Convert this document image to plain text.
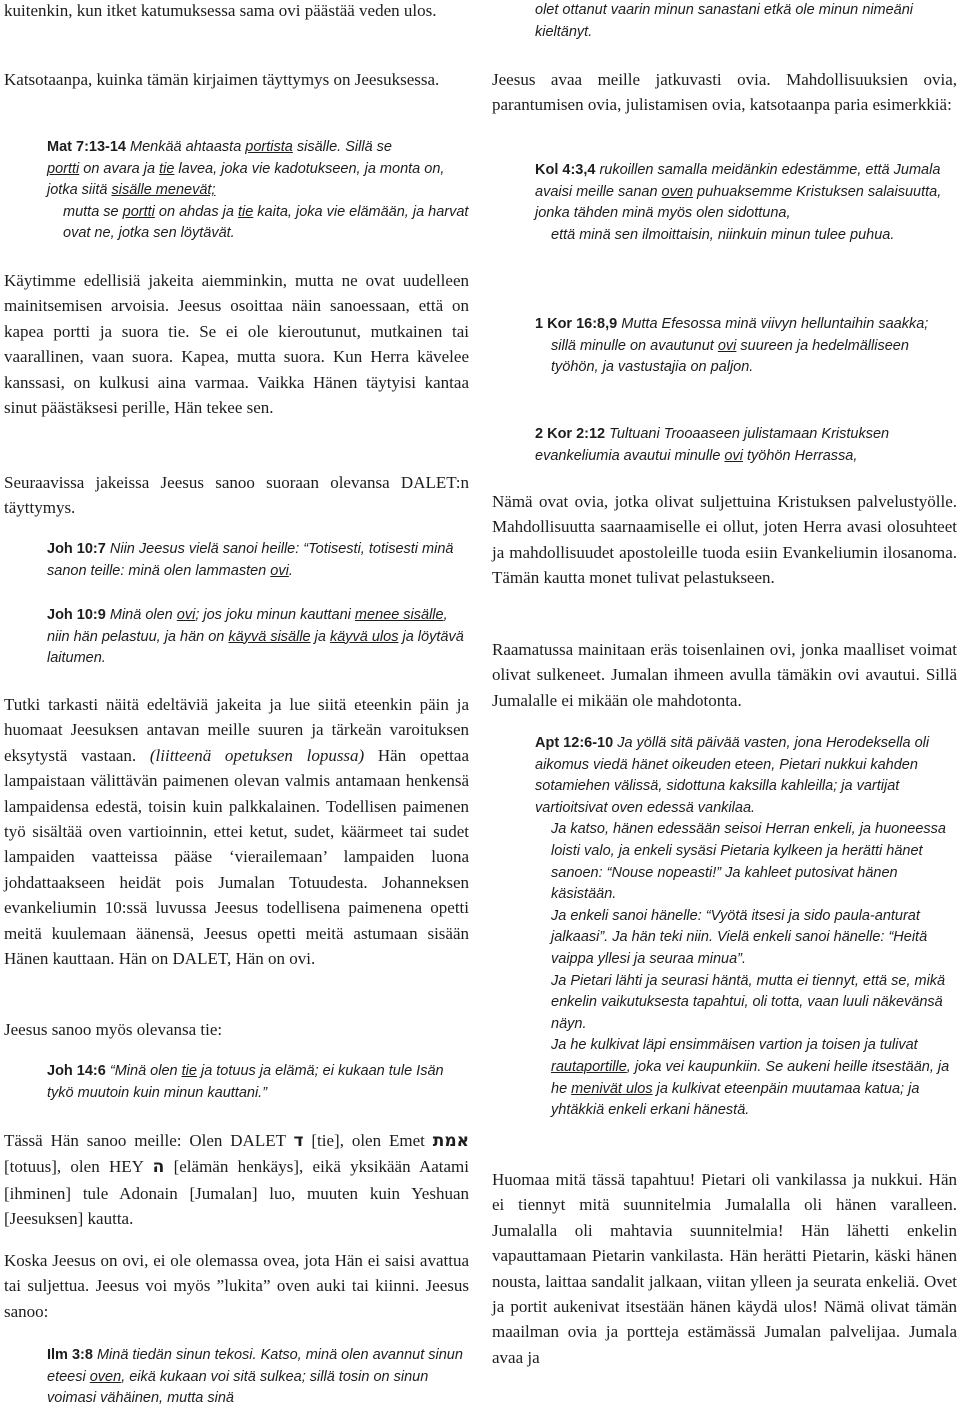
kuitenkin, kun itket katumuksessa sama ovi päästää veden ulos.

Katsotaanpa, kuinka tämän kirjaimen täyttymys on Jeesuksessa.

Mat 7:13-14 Menkää ahtaasta portista sisälle. Sillä se
portti on avara ja tie lavea, joka vie kadotukseen, ja monta on, jotka siitä sisälle menevät;
mutta se portti on ahdas ja tie kaita, joka vie elämään, ja harvat ovat ne, jotka sen löytävät.

Käytimme edellisiä jakeita aiemminkin, mutta ne ovat uudelleen mainitsemisen arvoisia. Jeesus osoittaa näin sanoessaan, että on kapea portti ja suora tie. Se ei ole kieroutunut, mutkainen tai vaarallinen, vaan suora. Kapea, mutta suora. Kun Herra kävelee kanssasi, on kulkusi aina varmaa. Vaikka Hänen täytyisi kantaa sinut päästäksesi perille, Hän tekee sen.

Seuraavissa jakeissa Jeesus sanoo suoraan olevansa DALET:n täyttymys.

Joh 10:7 Niin Jeesus vielä sanoi heille: “Totisesti, totisesti minä sanon teille: minä olen lammasten ovi.
Joh 10:9 Minä olen ovi; jos joku minun kauttani menee sisälle, niin hän pelastuu, ja hän on käyvä sisälle ja käyvä ulos ja löytävä laitumen.

Tutki tarkasti näitä edeltäviä jakeita ja lue siitä eteenkin päin ja huomaat Jeesuksen antavan meille suuren ja tärkeän varoituksen eksytystä vastaan. (liitteenä opetuksen lopussa) Hän opettaa lampaistaan välittävän paimenen olevan valmis antamaan henkensä lampaidensa edestä, toisin kuin palkkalainen. Todellisen paimenen työ sisältää oven vartioinnin, ettei ketut, sudet, käärmeet tai sudet lampaiden vaatteissa pääse ‘vierailemaan’ lampaiden luona johdattaakseen heidät pois Jumalan Totuudesta. Johanneksen evankeliumin 10:ssä luvussa Jeesus todellisena paimenena opetti meitä kuulemaan äänensä, Jeesus opetti meitä astumaan sisään Hänen kauttaan. Hän on DALET, Hän on ovi.

Jeesus sanoo myös olevansa tie:

Joh 14:6 “Minä olen tie ja totuus ja elämä; ei kukaan tule Isän tykö muutoin kuin minun kauttani.”

Tässä Hän sanoo meille: Olen DALET ד [tie], olen Emet אמת [totuus], olen HEY ה [elämän henkäys], eikä yksikään Aatami [ihminen] tule Adonain [Jumalan] luo, muuten kuin Yeshuan [Jeesuksen] kautta.

Koska Jeesus on ovi, ei ole olemassa ovea, jota Hän ei saisi avattua tai suljettua. Jeesus voi myös ”lukita” oven auki tai kiinni. Jeesus sanoo:

Ilm 3:8 Minä tiedän sinun tekosi. Katso, minä olen avannut sinun eteesi oven, eikä kukaan voi sitä sulkea; sillä tosin on sinun voimasi vähäinen, mutta sinä
olet ottanut vaarin minun sanastani etkä ole minun nimeäni kieltänyt.

Jeesus avaa meille jatkuvasti ovia. Mahdollisuuksien ovia, parantumisen ovia, julistamisen ovia, katsotaanpa paria esimerkkiä:

Kol 4:3,4 rukoillen samalla meidänkin edestämme, että Jumala avaisi meille sanan oven puhuaksemme Kristuksen salaisuutta, jonka tähden minä myös olen sidottuna,
että minä sen ilmoittaisin, niinkuin minun tulee puhua.
1 Kor 16:8,9 Mutta Efesossa minä viivyn helluntaihin saakka;
sillä minulle on avautunut ovi suureen ja hedelmälliseen työhön, ja vastustajia on paljon.
2 Kor 2:12 Tultuani Trooaaseen julistamaan Kristuksen evankeliumia avautui minulle ovi työhön Herrassa,

Nämä ovat ovia, jotka olivat suljettuina Kristuksen palvelustyölle. Mahdollisuutta saarnaamiselle ei ollut, joten Herra avasi olosuhteet ja mahdollisuudet apostoleille tuoda esiin Evankeliumin ilosanoma. Tämän kautta monet tulivat pelastukseen.

Raamatussa mainitaan eräs toisenlainen ovi, jonka maalliset voimat olivat sulkeneet. Jumalan ihmeen avulla tämäkin ovi avautui. Sillä Jumalalle ei mikään ole mahdotonta.

Apt 12:6-10 Ja yöllä sitä päivää vasten, jona Herodeksella oli aikomus viedä hänet oikeuden eteen, Pietari nukkui kahden sotamiehen välissä, sidottuna kaksilla kahleilla; ja vartijat vartioitsivat oven edessä vankilaa.
Ja katso, hänen edessään seisoi Herran enkeli, ja huoneessa loisti valo, ja enkeli sysäsi Pietaria kylkeen ja herätti hänet sanoen: “Nouse nopeasti!” Ja kahleet putosivat hänen käsistään.
Ja enkeli sanoi hänelle: “Vyötä itsesi ja sido paula-anturat jalkaasi”. Ja hän teki niin. Vielä enkeli sanoi hänelle: “Heitä vaippa yllesi ja seuraa minua”.
Ja Pietari lähti ja seurasi häntä, mutta ei tiennyt, että se, mikä enkelin vaikutuksesta tapahtui, oli totta, vaan luuli näkevänsä näyn.
Ja he kulkivat läpi ensimmäisen vartion ja toisen ja tulivat rautaportille, joka vei kaupunkiin. Se aukeni heille itsestään, ja he menivät ulos ja kulkivat eteenpäin muutamaa katua; ja yhtäkkiä enkeli erkani hänestä.

Huomaa mitä tässä tapahtuu! Pietari oli vankilassa ja nukkui. Hän ei tiennyt mitä suunnitelmia Jumalalla oli hänen varalleen. Jumalalla oli mahtavia suunnitelmia! Hän lähetti enkelin vapauttamaan Pietarin vankilasta. Hän herätti Pietarin, käski hänen nousta, laittaa sandalit jalkaan, viitan ylleen ja seurata enkeliä. Ovet ja portit aukenivat itsestään hänen käydä ulos! Nämä olivat tämän maailman ovia ja portteja estämässä Jumalan palvelijaa. Jumala avaa ja
